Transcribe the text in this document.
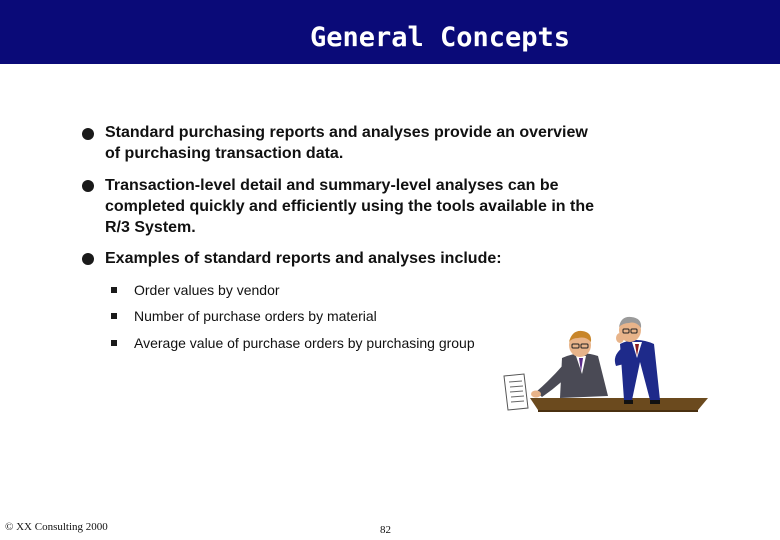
General Concepts
Standard purchasing reports and analyses provide an overview of purchasing transaction data.
Transaction-level detail and summary-level analyses can be completed quickly and efficiently using the tools available in the R/3 System.
Examples of standard reports and analyses include:
Order values by vendor
Number of purchase orders by material
Average value of purchase orders by purchasing group
© XX Consulting 2000	82
